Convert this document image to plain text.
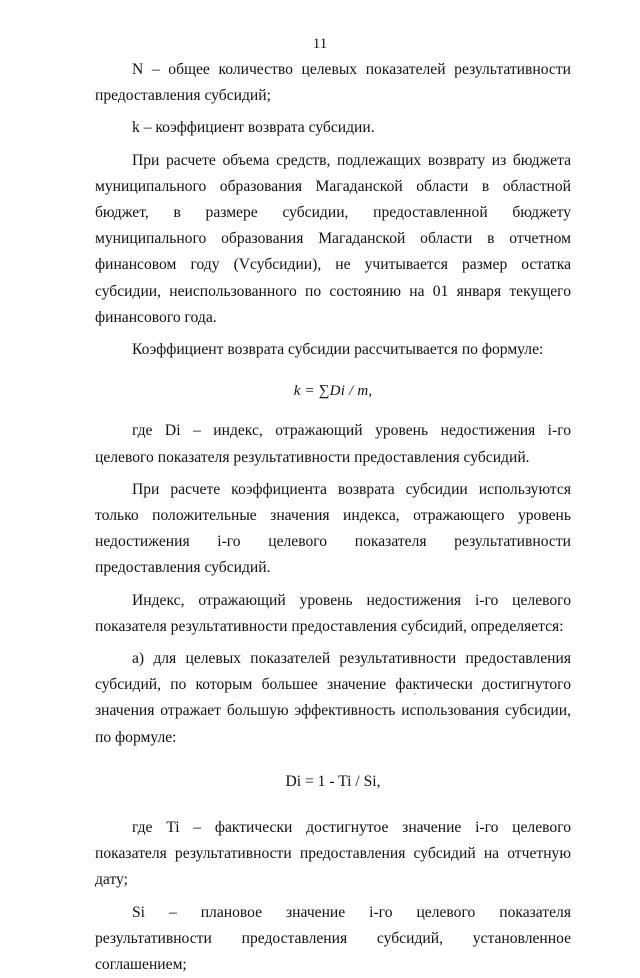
11

N – общее количество целевых показателей результативности предоставления субсидий;

k – коэффициент возврата субсидии.

При расчете объема средств, подлежащих возврату из бюджета муниципального образования Магаданской области в областной бюджет, в размере субсидии, предоставленной бюджету муниципального образования Магаданской области в отчетном финансовом году (Vсубсидии), не учитывается размер остатка субсидии, неиспользованного по состоянию на 01 января текущего финансового года.

Коэффициент возврата субсидии рассчитывается по формуле:

k = ∑Di / m,

где Di – индекс, отражающий уровень недостижения i-го целевого показателя результативности предоставления субсидий.

При расчете коэффициента возврата субсидии используются только положительные значения индекса, отражающего уровень недостижения i-го целевого показателя результативности предоставления субсидий.

Индекс, отражающий уровень недостижения i-го целевого показателя результативности предоставления субсидий, определяется:

а) для целевых показателей результативности предоставления субсидий, по которым большее значение фактически достигнутого значения отражает большую эффективность использования субсидии, по формуле:

Di = 1 - Ti / Si,

где Ti – фактически достигнутое значение i-го целевого показателя результативности предоставления субсидий на отчетную дату;

Si – плановое значение i-го целевого показателя результативности предоставления субсидий, установленное соглашением;
